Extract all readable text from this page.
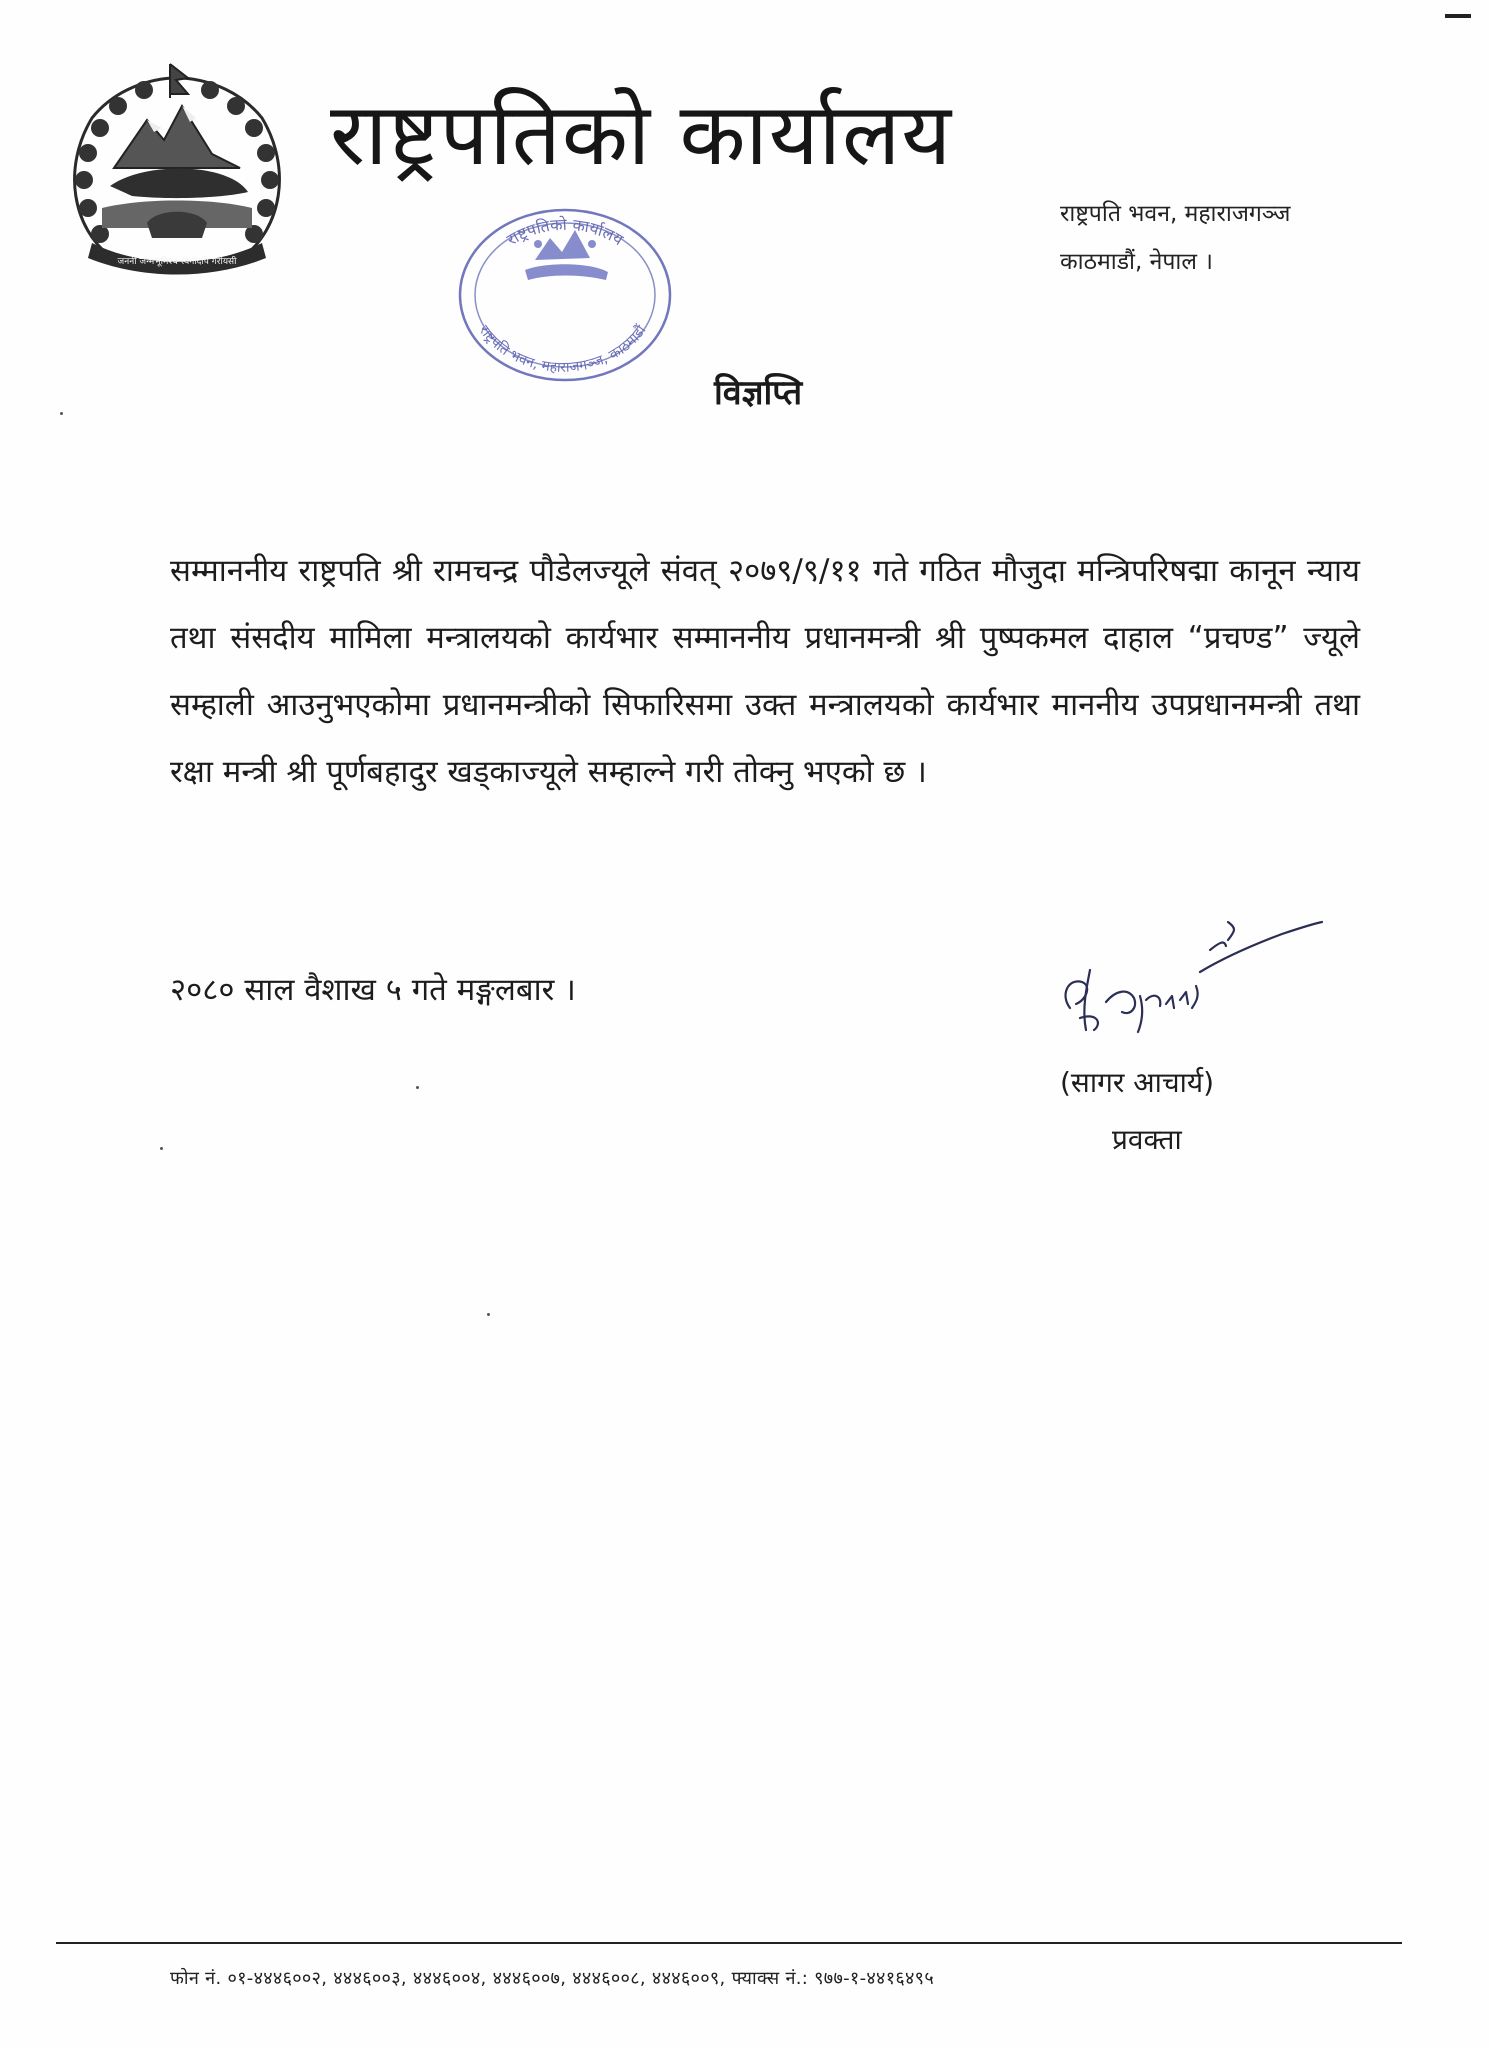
जननी जन्मभूमिश्च स्वर्गादपि गरीयसी
राष्ट्रपतिको कार्यालय
राष्ट्रपति भवन, महाराजगञ्ज
काठमाडौं, नेपाल ।
राष्ट्रपतिको कार्यालय
राष्ट्रपति भवन, महाराजगञ्ज, काठमाडौं
विज्ञप्ति
सम्माननीय राष्ट्रपति श्री रामचन्द्र पौडेलज्यूले संवत् २०७९/९/११ गते गठित मौजुदा मन्त्रिपरिषद्मा कानून न्याय तथा संसदीय मामिला मन्त्रालयको कार्यभार सम्माननीय प्रधानमन्त्री श्री पुष्पकमल दाहाल “प्रचण्ड” ज्यूले सम्हाली आउनुभएकोमा प्रधानमन्त्रीको सिफारिसमा उक्त मन्त्रालयको कार्यभार माननीय उपप्रधानमन्त्री तथा रक्षा मन्त्री श्री पूर्णबहादुर खड्काज्यूले सम्हाल्ने गरी तोक्नु भएको छ ।
२०८० साल वैशाख ५ गते मङ्गलबार ।
(सागर आचार्य)
प्रवक्ता
फोन नं. ०१-४४४६००२, ४४४६००३, ४४४६००४, ४४४६००७, ४४४६००८, ४४४६००९, फ्याक्स नं.: ९७७-१-४४१६४९५
